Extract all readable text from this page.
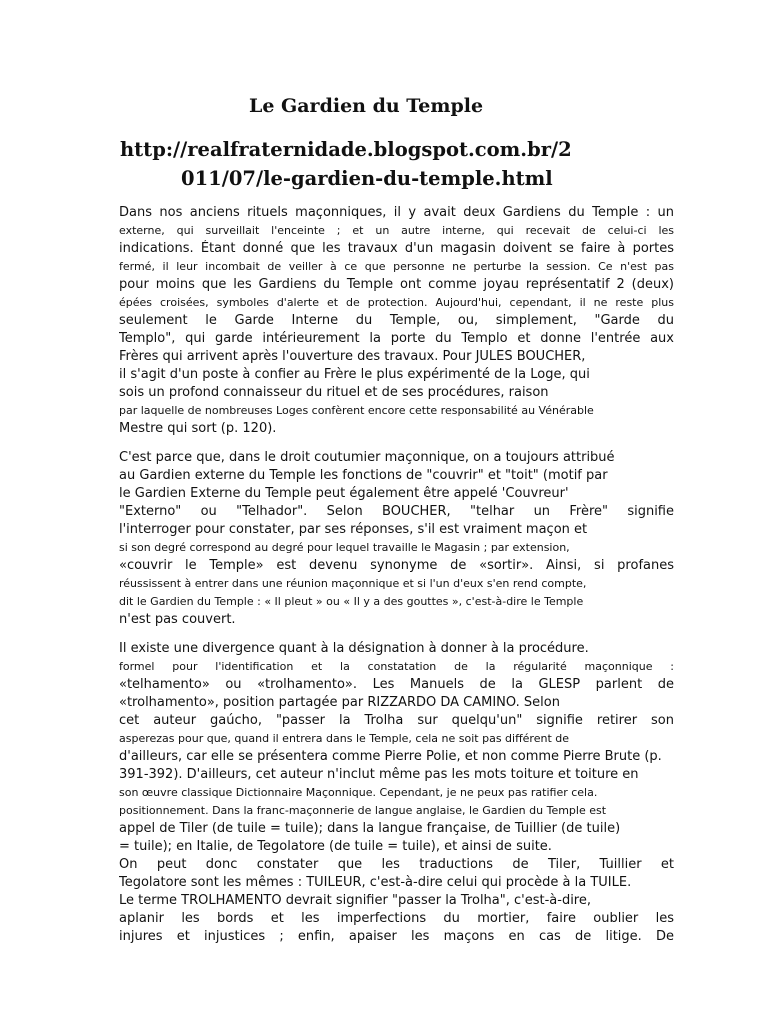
Le Gardien du Temple
http://realfraternidade.blogspot.com.br/2
011/07/le-gardien-du-temple.html
Dans nos anciens rituels maçonniques, il y avait deux Gardiens du Temple : un
externe, qui surveillait l'enceinte ; et un autre interne, qui recevait de celui-ci les
indications. Étant donné que les travaux d'un magasin doivent se faire à portes
fermé, il leur incombait de veiller à ce que personne ne perturbe la session. Ce n'est pas
pour moins que les Gardiens du Temple ont comme joyau représentatif 2 (deux)
épées croisées, symboles d'alerte et de protection. Aujourd'hui, cependant, il ne reste plus
seulement le Garde Interne du Temple, ou, simplement, "Garde du
Templo", qui garde intérieurement la porte du Templo et donne l'entrée aux
Frères qui arrivent après l'ouverture des travaux. Pour JULES BOUCHER,
il s'agit d'un poste à confier au Frère le plus expérimenté de la Loge, qui
sois un profond connaisseur du rituel et de ses procédures, raison
par laquelle de nombreuses Loges confèrent encore cette responsabilité au Vénérable
Mestre qui sort (p. 120).
C'est parce que, dans le droit coutumier maçonnique, on a toujours attribué
au Gardien externe du Temple les fonctions de "couvrir" et "toit" (motif par
le Gardien Externe du Temple peut également être appelé 'Couvreur'
"Externo" ou "Telhador". Selon BOUCHER, "telhar un Frère" signifie
l'interroger pour constater, par ses réponses, s'il est vraiment maçon et
si son degré correspond au degré pour lequel travaille le Magasin ; par extension,
«couvrir le Temple» est devenu synonyme de «sortir». Ainsi, si profanes
réussissent à entrer dans une réunion maçonnique et si l'un d'eux s'en rend compte,
dit le Gardien du Temple : « Il pleut » ou « Il y a des gouttes », c'est-à-dire le Temple
n'est pas couvert.
Il existe une divergence quant à la désignation à donner à la procédure.
formel pour l'identification et la constatation de la régularité maçonnique :
«telhamento» ou «trolhamento». Les Manuels de la GLESP parlent de
«trolhamento», position partagée par RIZZARDO DA CAMINO. Selon
cet auteur gaúcho, "passer la Trolha sur quelqu'un" signifie retirer son
asperezas pour que, quand il entrera dans le Temple, cela ne soit pas différent de
d'ailleurs, car elle se présentera comme Pierre Polie, et non comme Pierre Brute (p.
391-392). D'ailleurs, cet auteur n'inclut même pas les mots toiture et toiture en
son œuvre classique Dictionnaire Maçonnique. Cependant, je ne peux pas ratifier cela.
positionnement. Dans la franc-maçonnerie de langue anglaise, le Gardien du Temple est
appel de Tiler (de tuile = tuile); dans la langue française, de Tuillier (de tuile)
= tuile); en Italie, de Tegolatore (de tuile = tuile), et ainsi de suite.
On peut donc constater que les traductions de Tiler, Tuillier et
Tegolatore sont les mêmes : TUILEUR, c'est-à-dire celui qui procède à la TUILE.
Le terme TROLHAMENTO devrait signifier "passer la Trolha", c'est-à-dire,
aplanir les bords et les imperfections du mortier, faire oublier les
injures et injustices ; enfin, apaiser les maçons en cas de litige. De
